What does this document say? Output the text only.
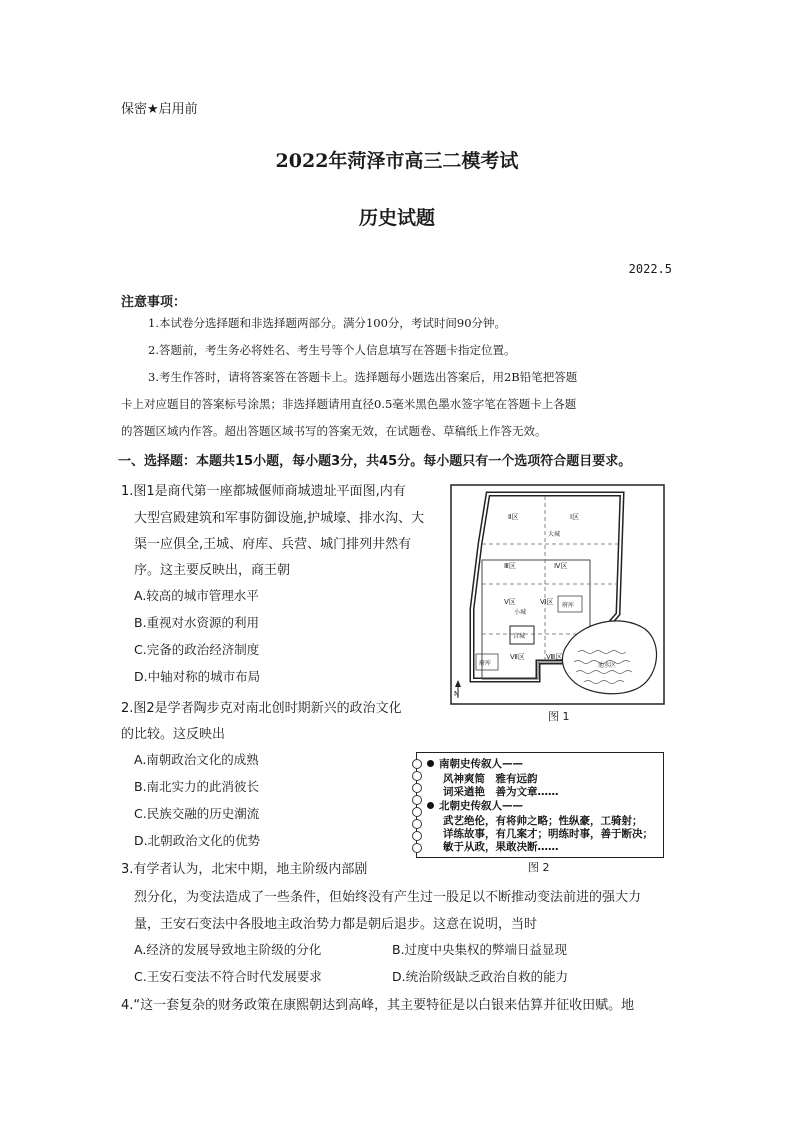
保密★启用前
2022年菏泽市高三二模考试
历史试题
2022.5
注意事项：
1.本试卷分选择题和非选择题两部分。满分100分，考试时间90分钟。
2.答题前，考生务必将姓名、考生号等个人信息填写在答题卡指定位置。
3.考生作答时，请将答案答在答题卡上。选择题每小题选出答案后，用2B铅笔把答题
卡上对应题目的答案标号涂黑；非选择题请用直径0.5毫米黑色墨水签字笔在答题卡上各题
的答题区域内作答。超出答题区域书写的答案无效，在试题卷、草稿纸上作答无效。
一、选择题：本题共15小题，每小题3分，共45分。每小题只有一个选项符合题目要求。
1.图1是商代第一座都城偃师商城遗址平面图,内有
大型宫殿建筑和军事防御设施,护城壕、排水沟、大
渠一应俱全,王城、府库、兵营、城门排列井然有
序。这主要反映出，商王朝
A.较高的城市管理水平
B.重视对水资源的利用
C.完备的政治经济制度
D.中轴对称的城市布局
Ⅱ区	Ⅰ区
大城
Ⅲ区	Ⅳ区
Ⅴ区
小城
Ⅵ区 府库
宫城
府库
Ⅶ区	Ⅷ区
池水区
N
图 1
2.图2是学者陶步克对南北创时期新兴的政治文化
的比较。这反映出
A.南朝政治文化的成熟
B.南北实力的此消彼长
C.民族交融的历史潮流
D.北朝政治文化的优势
南朝史传叙人——
风神爽简　雅有远韵
词采遒艳　善为文章……
北朝史传叙人——
武艺绝伦，有将帅之略；性纵豪，工骑射；
详练故事，有几案才；明练时事，善于断决；
敏于从政，果敢决断……
图 2
3.有学者认为，北宋中期，地主阶级内部剧
烈分化，为变法造成了一些条件，但始终没有产生过一股足以不断推动变法前进的强大力
量，王安石变法中各股地主政治势力都是朝后退步。这意在说明，当时
A.经济的发展导致地主阶级的分化	B.过度中央集权的弊端日益显现
C.王安石变法不符合时代发展要求	D.统治阶级缺乏政治自救的能力
4.“这一套复杂的财务政策在康熙朝达到高峰，其主要特征是以白银来估算并征收田赋。地
